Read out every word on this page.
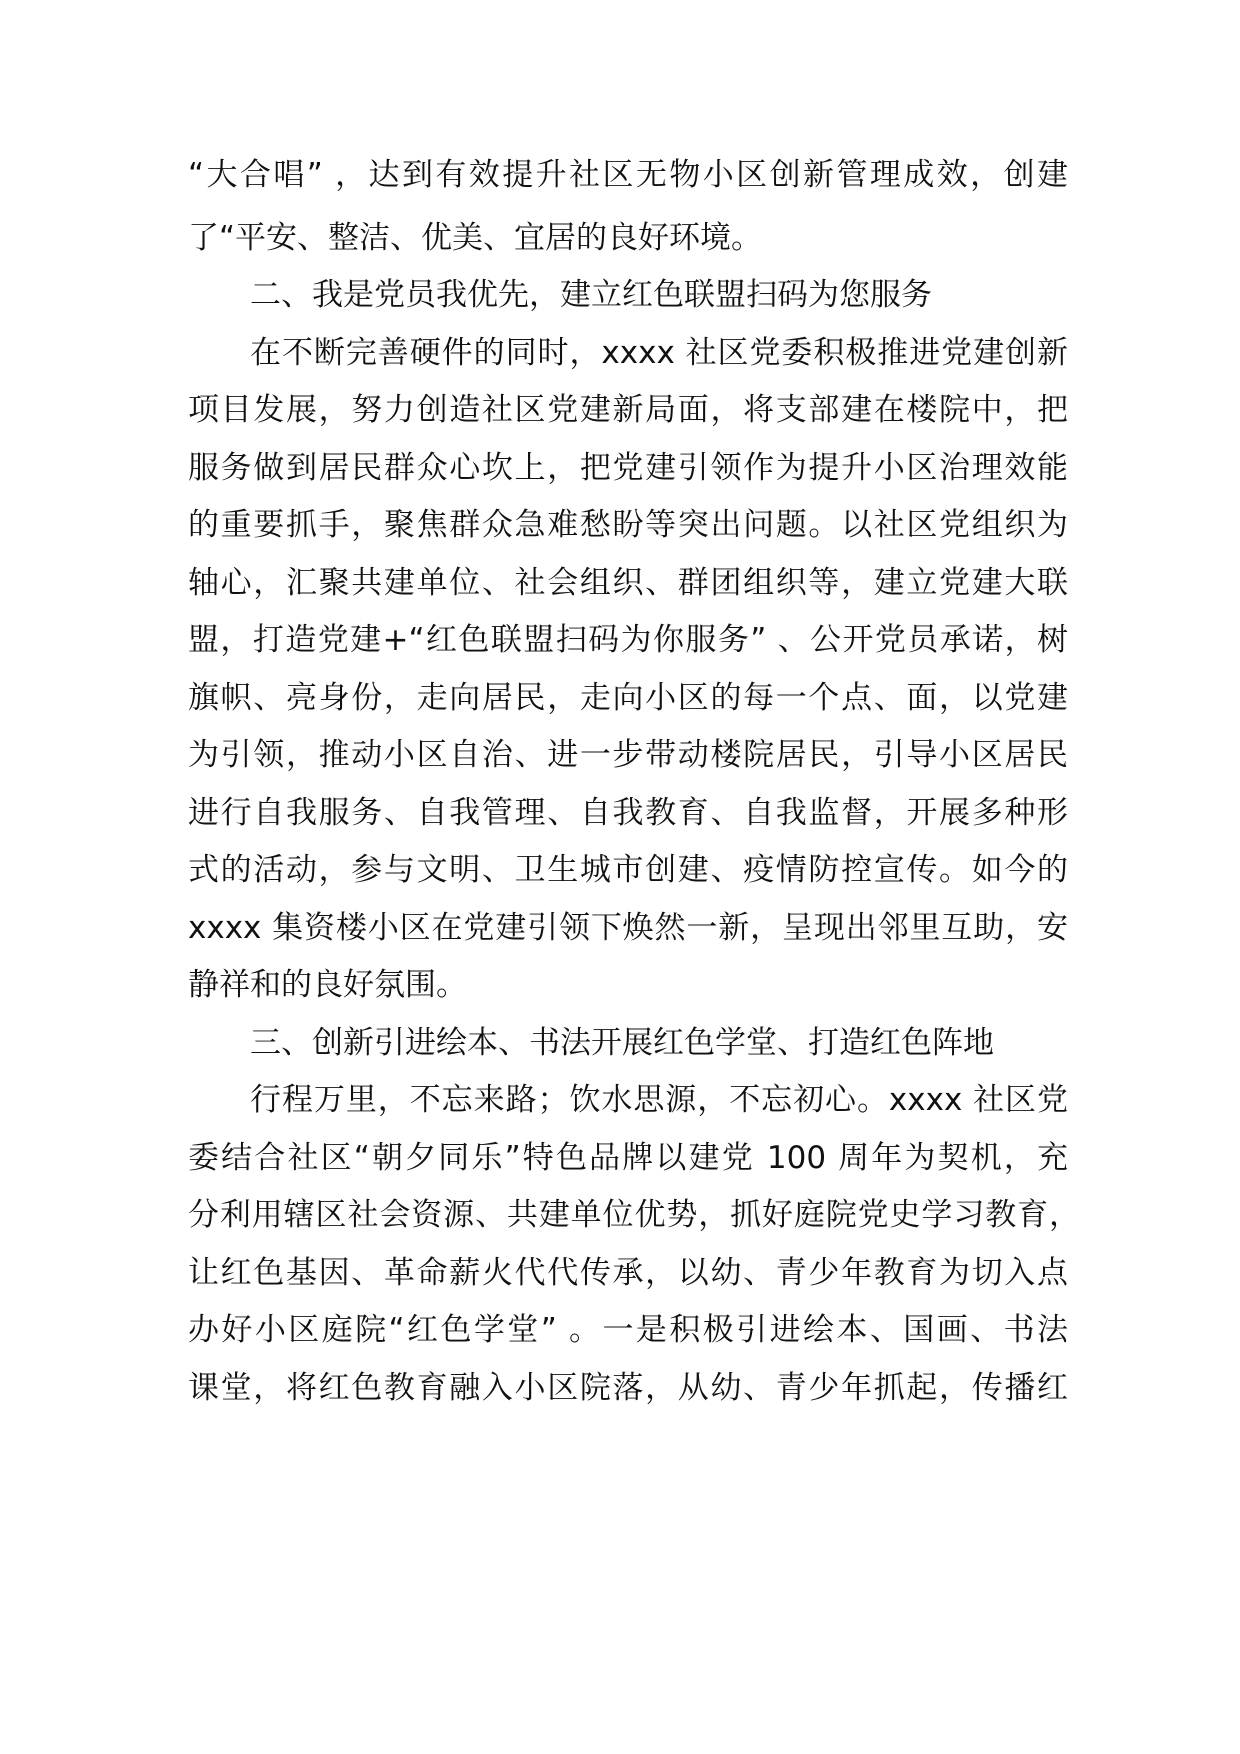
“大合唱” ，达到有效提升社区无物小区创新管理成效，创建
了“平安、整洁、优美、宜居的良好环境。
二、我是党员我优先，建立红色联盟扫码为您服务
在不断完善硬件的同时，xxxx 社区党委积极推进党建创新
项目发展，努力创造社区党建新局面，将支部建在楼院中，把
服务做到居民群众心坎上，把党建引领作为提升小区治理效能
的重要抓手，聚焦群众急难愁盼等突出问题。以社区党组织为
轴心，汇聚共建单位、社会组织、群团组织等，建立党建大联
盟，打造党建+“红色联盟扫码为你服务” 、公开党员承诺，树
旗帜、亮身份，走向居民，走向小区的每一个点、面，以党建
为引领，推动小区自治、进一步带动楼院居民，引导小区居民
进行自我服务、自我管理、自我教育、自我监督，开展多种形
式的活动，参与文明、卫生城市创建、疫情防控宣传。如今的
xxxx 集资楼小区在党建引领下焕然一新，呈现出邻里互助，安
静祥和的良好氛围。
三、创新引进绘本、书法开展红色学堂、打造红色阵地
行程万里，不忘来路；饮水思源，不忘初心。xxxx 社区党
委结合社区“朝夕同乐”特色品牌以建党 100 周年为契机，充
分利用辖区社会资源、共建单位优势，抓好庭院党史学习教育，
让红色基因、革命薪火代代传承，以幼、青少年教育为切入点
办好小区庭院“红色学堂” 。一是积极引进绘本、国画、书法
课堂，将红色教育融入小区院落，从幼、青少年抓起，传播红
